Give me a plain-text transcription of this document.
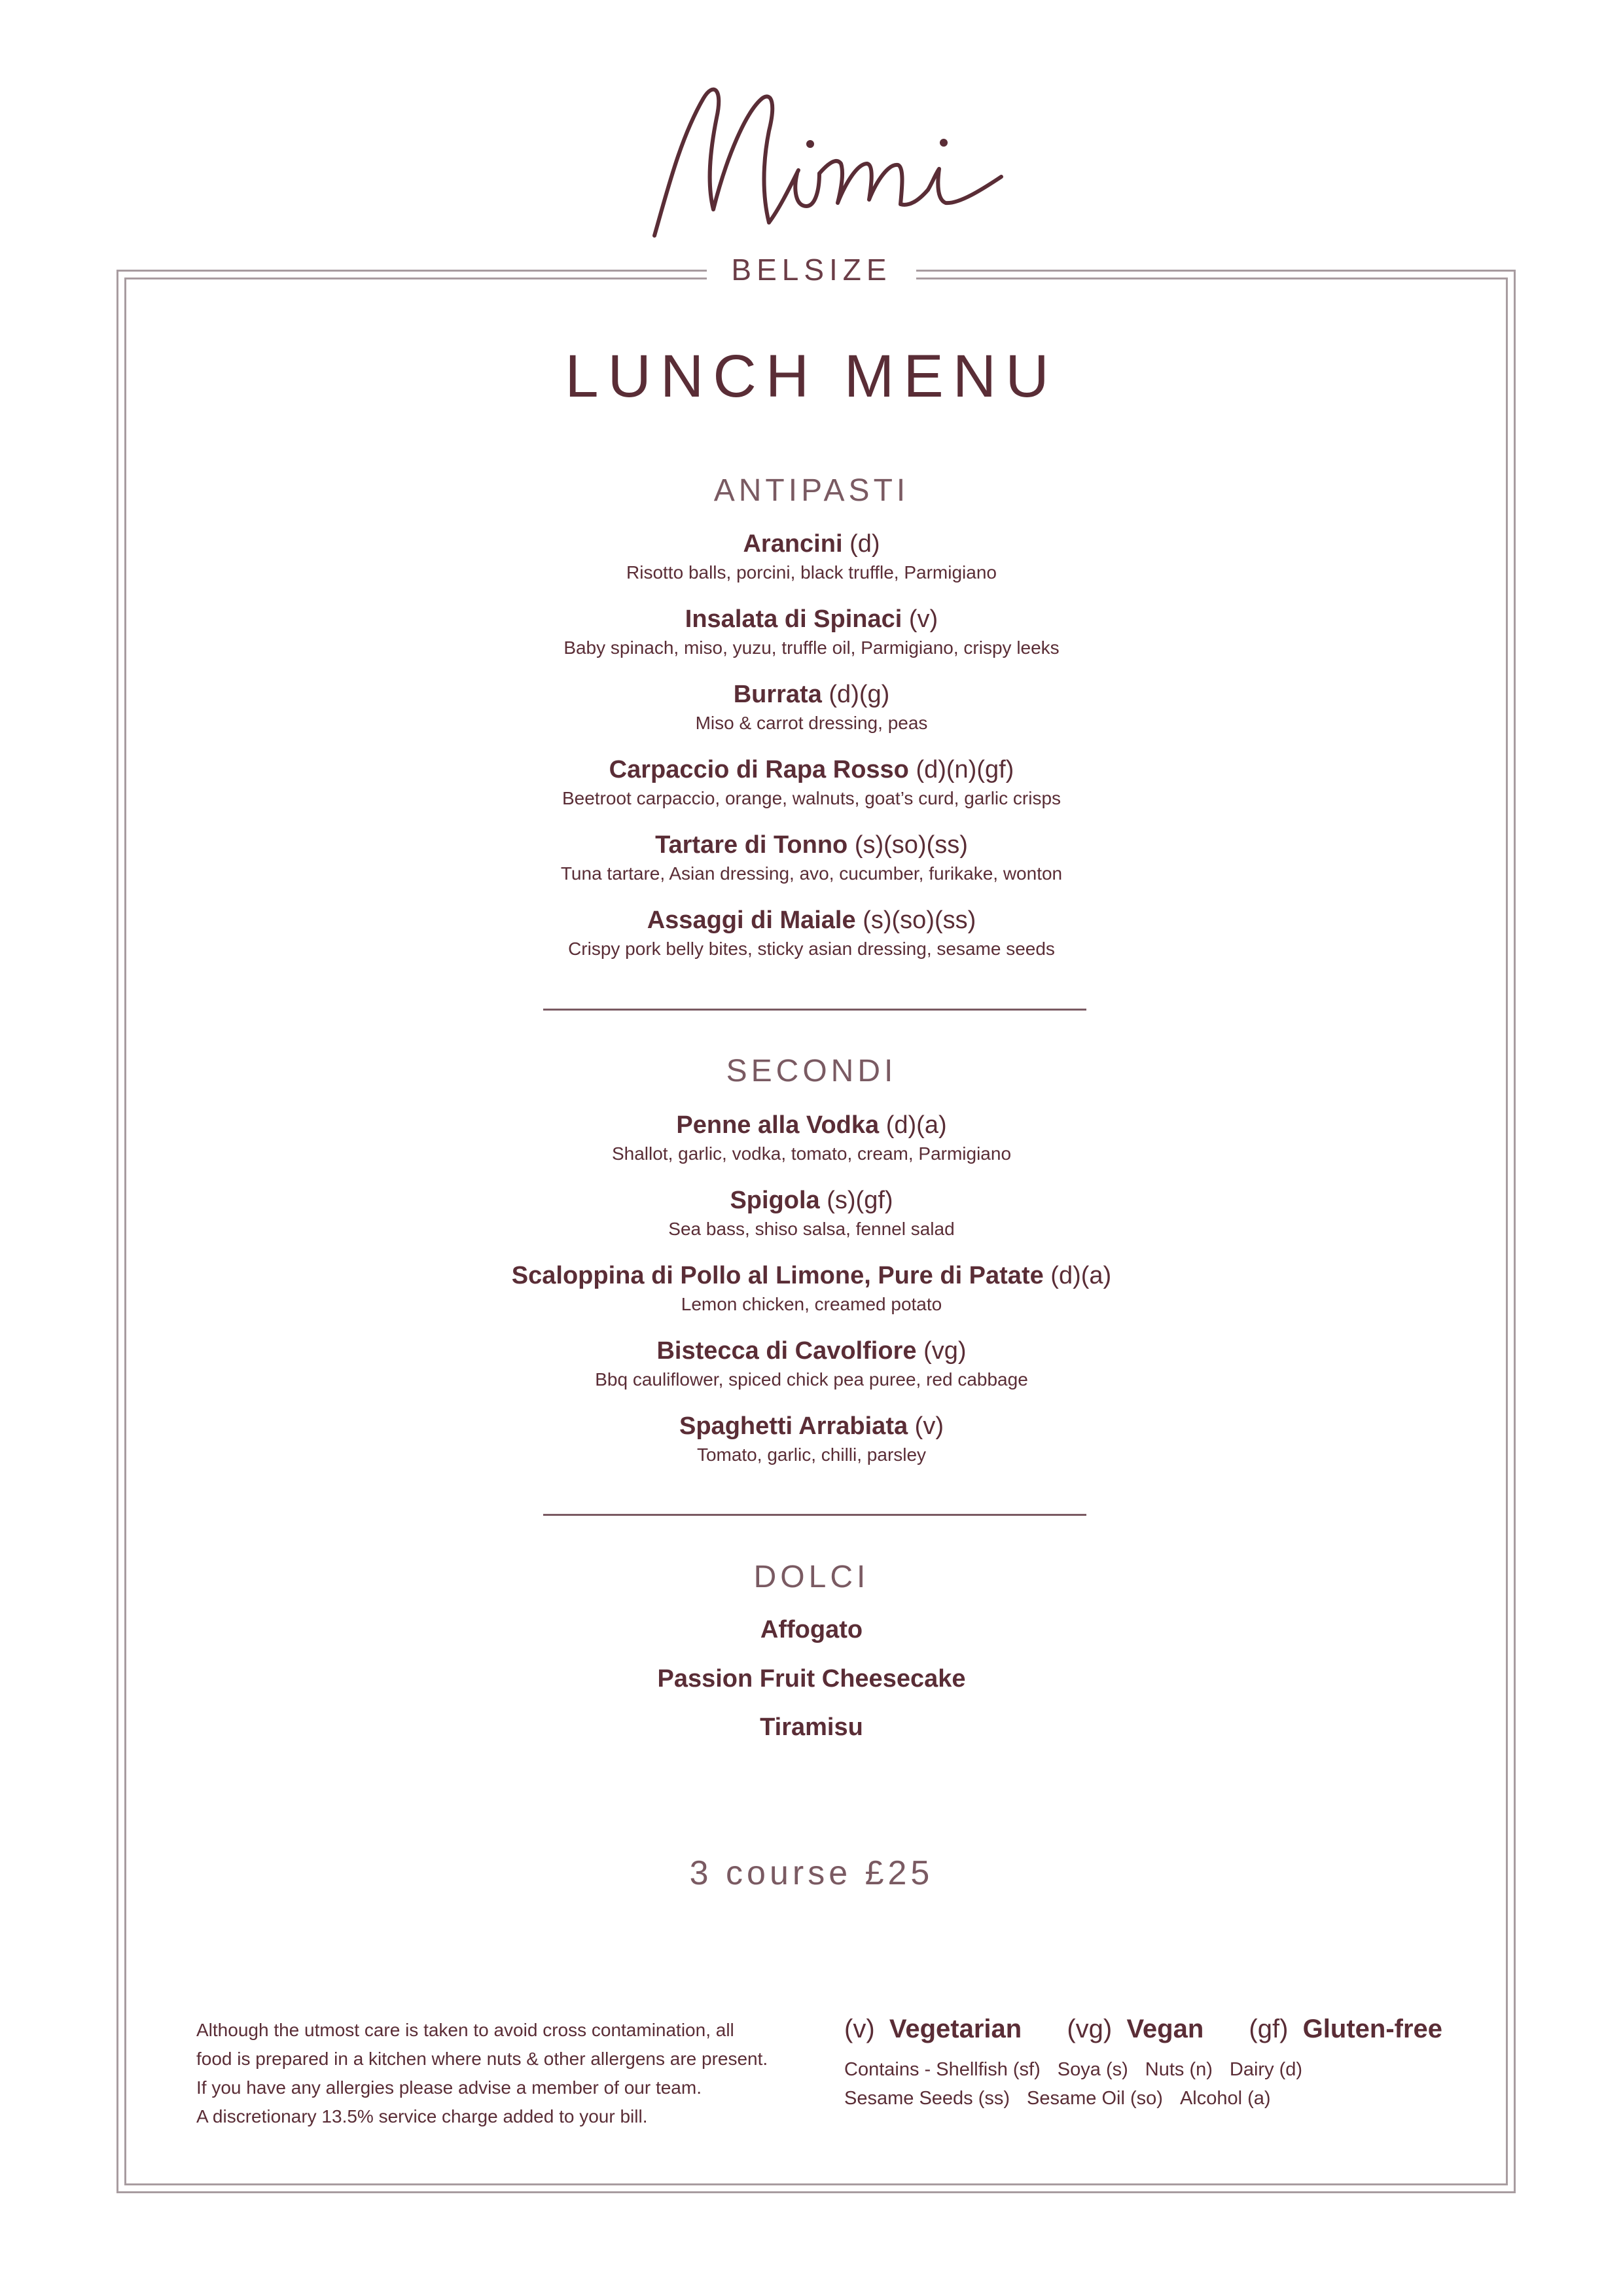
BELSIZE
LUNCH MENU
ANTIPASTI
Arancini (d)
Risotto balls, porcini, black truffle, Parmigiano
Insalata di Spinaci (v)
Baby spinach, miso, yuzu, truffle oil, Parmigiano, crispy leeks
Burrata (d)(g)
Miso & carrot dressing, peas
Carpaccio di Rapa Rosso (d)(n)(gf)
Beetroot carpaccio, orange, walnuts, goat’s curd, garlic crisps
Tartare di Tonno (s)(so)(ss)
Tuna tartare, Asian dressing, avo, cucumber, furikake, wonton
Assaggi di Maiale (s)(so)(ss)
Crispy pork belly bites, sticky asian dressing, sesame seeds
SECONDI
Penne alla Vodka (d)(a)
Shallot, garlic, vodka, tomato, cream, Parmigiano
Spigola (s)(gf)
Sea bass, shiso salsa, fennel salad
Scaloppina di Pollo al Limone, Pure di Patate (d)(a)
Lemon chicken, creamed potato
Bistecca di Cavolfiore (vg)
Bbq cauliflower, spiced chick pea puree, red cabbage
Spaghetti Arrabiata (v)
Tomato, garlic, chilli, parsley
DOLCI
Affogato
Passion Fruit Cheesecake
Tiramisu
3 course £25
Although the utmost care is taken to avoid cross contamination, all
food is prepared in a kitchen where nuts & other allergens are present.
If you have any allergies please advise a member of our team.
A discretionary 13.5% service charge added to your bill.
(v) Vegetarian (vg) Vegan (gf) Gluten-free
Contains - Shellfish (sf) Soya (s) Nuts (n) Dairy (d)
Sesame Seeds (ss) Sesame Oil (so) Alcohol (a)
